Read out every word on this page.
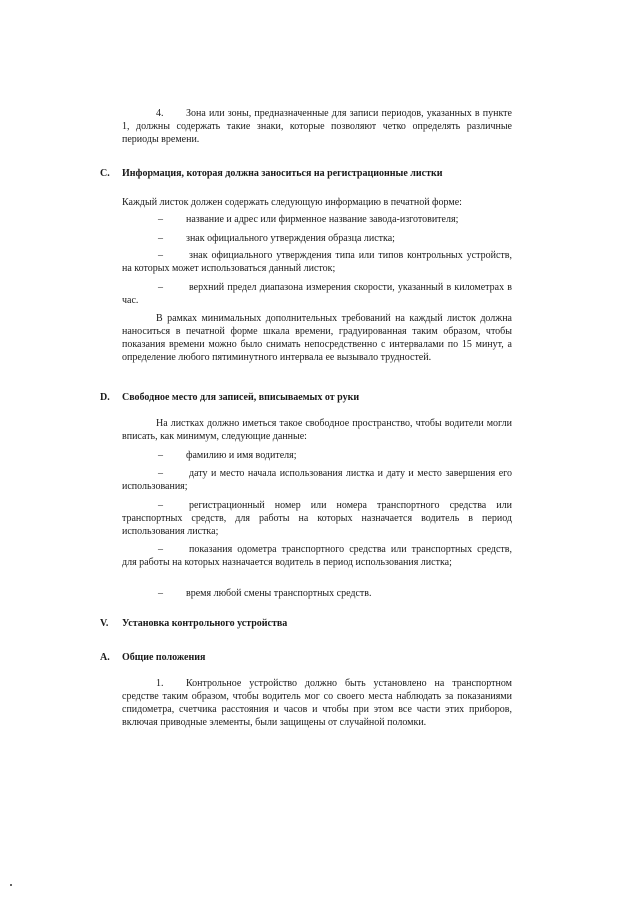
4. Зона или зоны, предназначенные для записи периодов, указанных в пункте 1, должны содержать такие знаки, которые позволяют четко определять различные периоды времени.

C. Информация, которая должна заноситься на регистрационные листки

Каждый листок должен содержать следующую информацию в печатной форме:

– название и адрес или фирменное название завода-изготовителя;
– знак официального утверждения образца листка;

–	знак официального утверждения типа или типов контрольных устройств, на которых может использоваться данный листок;

–	верхний предел диапазона измерения скорости, указанный в километрах в час.

В рамках минимальных дополнительных требований на каждый листок должна наноситься в печатной форме шкала времени, градуированная таким образом, чтобы показания времени можно было снимать непосредственно с интервалами по 15 минут, а определение любого пятиминутного интервала ее вызывало трудностей.

D. Свободное место для записей, вписываемых от руки

На листках должно иметься такое свободное пространство, чтобы водители могли вписать, как минимум, следующие данные:

– фамилию и имя водителя;

–	дату и место начала использования листка и дату и место завершения его использования;

–	регистрационный номер или номера транспортного средства или транспортных средств, для работы на которых назначается водитель в период использования листка;

–	показания одометра транспортного средства или транспортных средств, для работы на которых назначается водитель в период использования листка;

– время любой смены транспортных средств.
V. Установка контрольного устройства
A. Общие положения

1. Контрольное устройство должно быть установлено на транспортном средстве таким образом, чтобы водитель мог со своего места наблюдать за показаниями спидометра, счетчика расстояния и часов и чтобы при этом все части этих приборов, включая приводные элементы, были защищены от случайной поломки.
